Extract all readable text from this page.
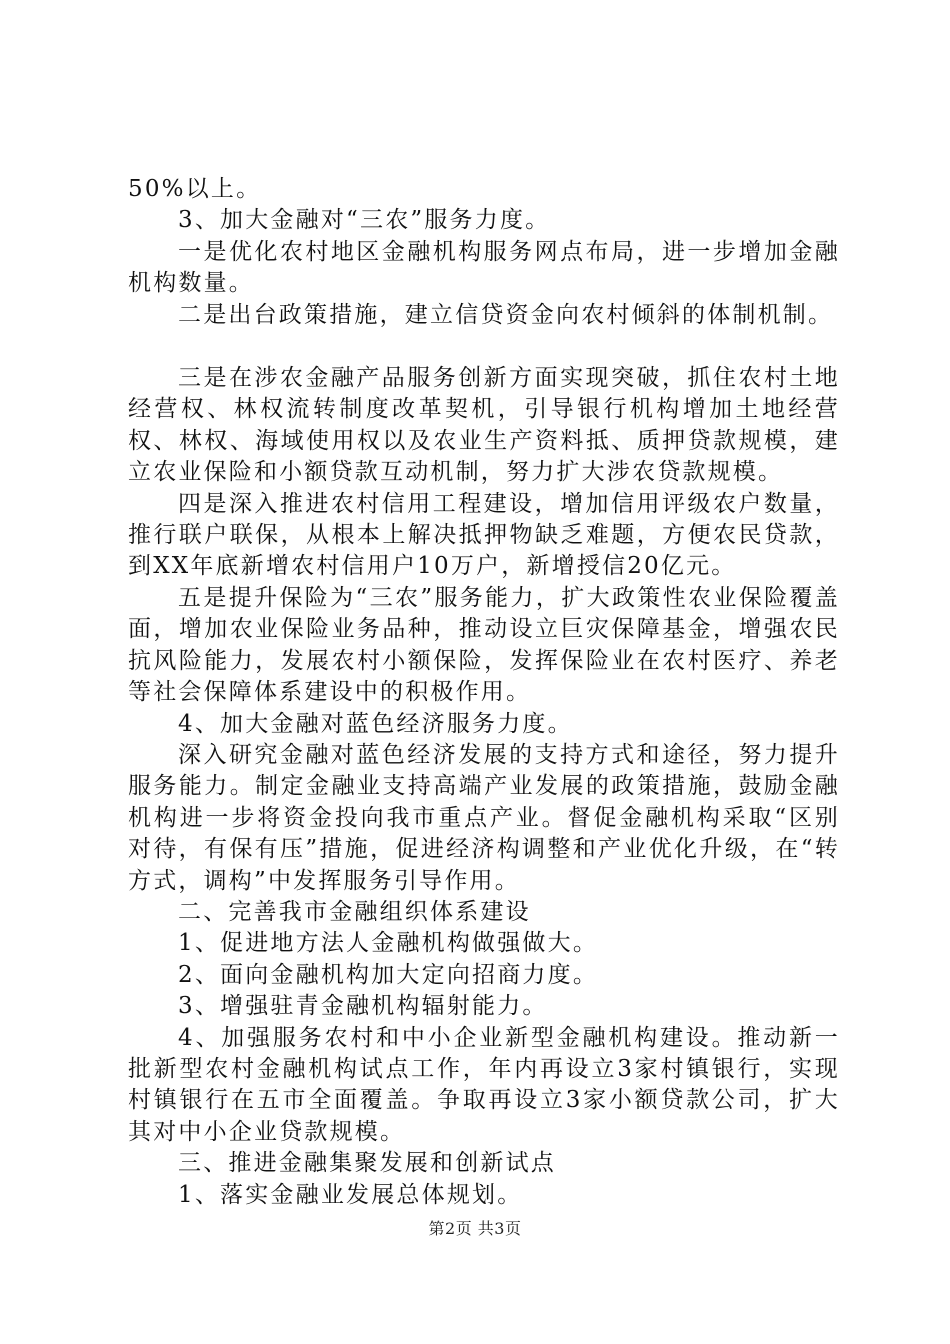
50%以上。

3、加大金融对“三农”服务力度。

一是优化农村地区金融机构服务网点布局，进一步增加金融机构数量。

二是出台政策措施，建立信贷资金向农村倾斜的体制机制。

三是在涉农金融产品服务创新方面实现突破，抓住农村土地经营权、林权流转制度改革契机，引导银行机构增加土地经营权、林权、海域使用权以及农业生产资料抵、质押贷款规模，建立农业保险和小额贷款互动机制，努力扩大涉农贷款规模。

四是深入推进农村信用工程建设，增加信用评级农户数量，推行联户联保，从根本上解决抵押物缺乏难题，方便农民贷款，到XX年底新增农村信用户10万户，新增授信20亿元。

五是提升保险为“三农”服务能力，扩大政策性农业保险覆盖面，增加农业保险业务品种，推动设立巨灾保障基金，增强农民抗风险能力，发展农村小额保险，发挥保险业在农村医疗、养老等社会保障体系建设中的积极作用。

4、加大金融对蓝色经济服务力度。

深入研究金融对蓝色经济发展的支持方式和途径，努力提升服务能力。制定金融业支持高端产业发展的政策措施，鼓励金融机构进一步将资金投向我市重点产业。督促金融机构采取“区别对待，有保有压”措施，促进经济构调整和产业优化升级，在“转方式，调构”中发挥服务引导作用。

二、完善我市金融组织体系建设

1、促进地方法人金融机构做强做大。

2、面向金融机构加大定向招商力度。

3、增强驻青金融机构辐射能力。

4、加强服务农村和中小企业新型金融机构建设。推动新一批新型农村金融机构试点工作，年内再设立3家村镇银行，实现村镇银行在五市全面覆盖。争取再设立3家小额贷款公司，扩大其对中小企业贷款规模。

三、推进金融集聚发展和创新试点

1、落实金融业发展总体规划。

第2页 共3页
